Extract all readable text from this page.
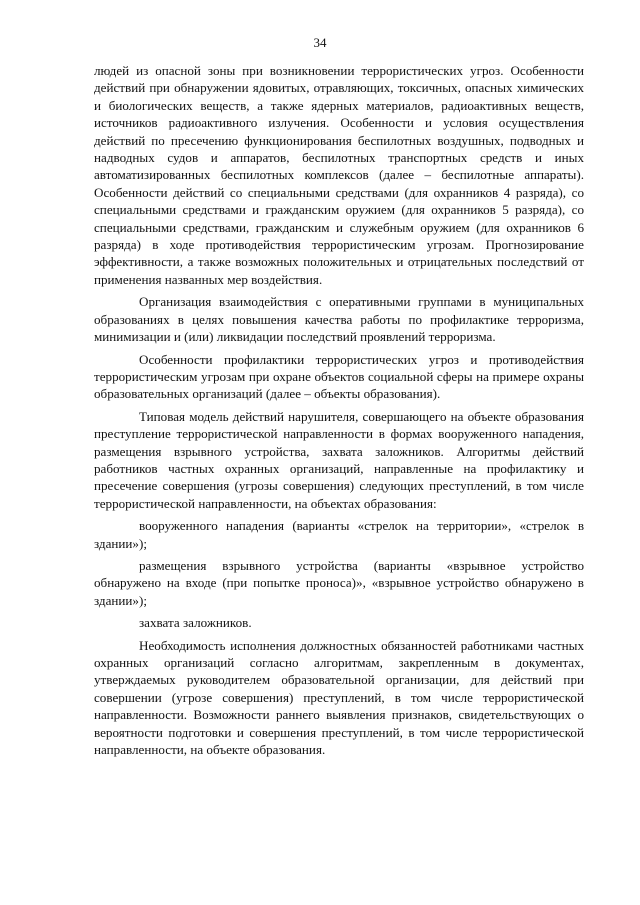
34

людей из опасной зоны при возникновении террористических угроз. Особенности действий при обнаружении ядовитых, отравляющих, токсичных, опасных химических и биологических веществ, а также ядерных материалов, радиоактивных веществ, источников радиоактивного излучения. Особенности и условия осуществления действий по пресечению функционирования беспилотных воздушных, подводных и надводных судов и аппаратов, беспилотных транспортных средств и иных автоматизированных беспилотных комплексов (далее – беспилотные аппараты). Особенности действий со специальными средствами (для охранников 4 разряда), со специальными средствами и гражданским оружием (для охранников 5 разряда), со специальными средствами, гражданским и служебным оружием (для охранников 6 разряда) в ходе противодействия террористическим угрозам. Прогнозирование эффективности, а также возможных положительных и отрицательных последствий от применения названных мер воздействия.

Организация взаимодействия с оперативными группами в муниципальных образованиях в целях повышения качества работы по профилактике терроризма, минимизации и (или) ликвидации последствий проявлений терроризма.

Особенности профилактики террористических угроз и противодействия террористическим угрозам при охране объектов социальной сферы на примере охраны образовательных организаций (далее – объекты образования).

Типовая модель действий нарушителя, совершающего на объекте образования преступление террористической направленности в формах вооруженного нападения, размещения взрывного устройства, захвата заложников. Алгоритмы действий работников частных охранных организаций, направленные на профилактику и пресечение совершения (угрозы совершения) следующих преступлений, в том числе террористической направленности, на объектах образования:

вооруженного нападения (варианты «стрелок на территории», «стрелок в здании»);

размещения взрывного устройства (варианты «взрывное устройство обнаружено на входе (при попытке проноса)», «взрывное устройство обнаружено в здании»);

захвата заложников.

Необходимость исполнения должностных обязанностей работниками частных охранных организаций согласно алгоритмам, закрепленным в документах, утверждаемых руководителем образовательной организации, для действий при совершении (угрозе совершения) преступлений, в том числе террористической направленности. Возможности раннего выявления признаков, свидетельствующих о вероятности подготовки и совершения преступлений, в том числе террористической направленности, на объекте образования.
